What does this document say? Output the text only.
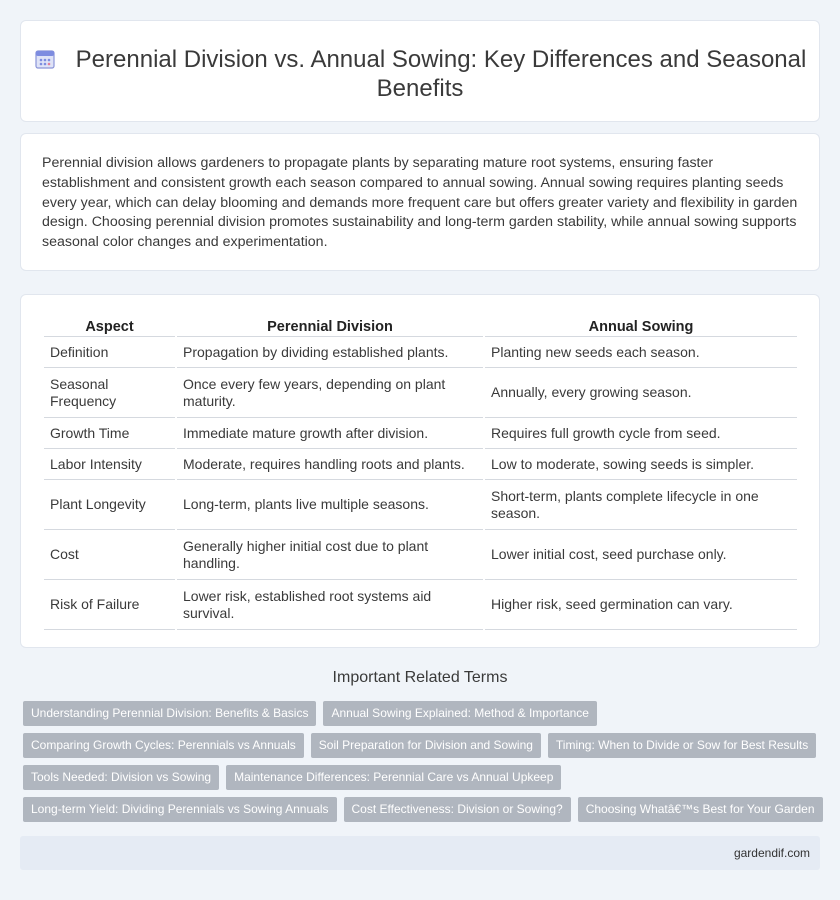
Perennial Division vs. Annual Sowing: Key Differences and Seasonal Benefits

Perennial division allows gardeners to propagate plants by separating mature root systems, ensuring faster establishment and consistent growth each season compared to annual sowing. Annual sowing requires planting seeds every year, which can delay blooming and demands more frequent care but offers greater variety and flexibility in garden design. Choosing perennial division promotes sustainability and long-term garden stability, while annual sowing supports seasonal color changes and experimentation.

Aspect	Perennial Division	Annual Sowing
Definition	Propagation by dividing established plants.	Planting new seeds each season.
Seasonal Frequency	Once every few years, depending on plant maturity.	Annually, every growing season.
Growth Time	Immediate mature growth after division.	Requires full growth cycle from seed.
Labor Intensity	Moderate, requires handling roots and plants.	Low to moderate, sowing seeds is simpler.
Plant Longevity	Long-term, plants live multiple seasons.	Short-term, plants complete lifecycle in one season.
Cost	Generally higher initial cost due to plant handling.	Lower initial cost, seed purchase only.
Risk of Failure	Lower risk, established root systems aid survival.	Higher risk, seed germination can vary.
Important Related Terms
Understanding Perennial Division: Benefits & Basics	Annual Sowing Explained: Method & Importance
Comparing Growth Cycles: Perennials vs Annuals	Soil Preparation for Division and Sowing	Timing: When to Divide or Sow for Best Results
Tools Needed: Division vs Sowing	Maintenance Differences: Perennial Care vs Annual Upkeep
Long-term Yield: Dividing Perennials vs Sowing Annuals	Cost Effectiveness: Division or Sowing?	Choosing Whatâ€™s Best for Your Garden
gardendif.com
